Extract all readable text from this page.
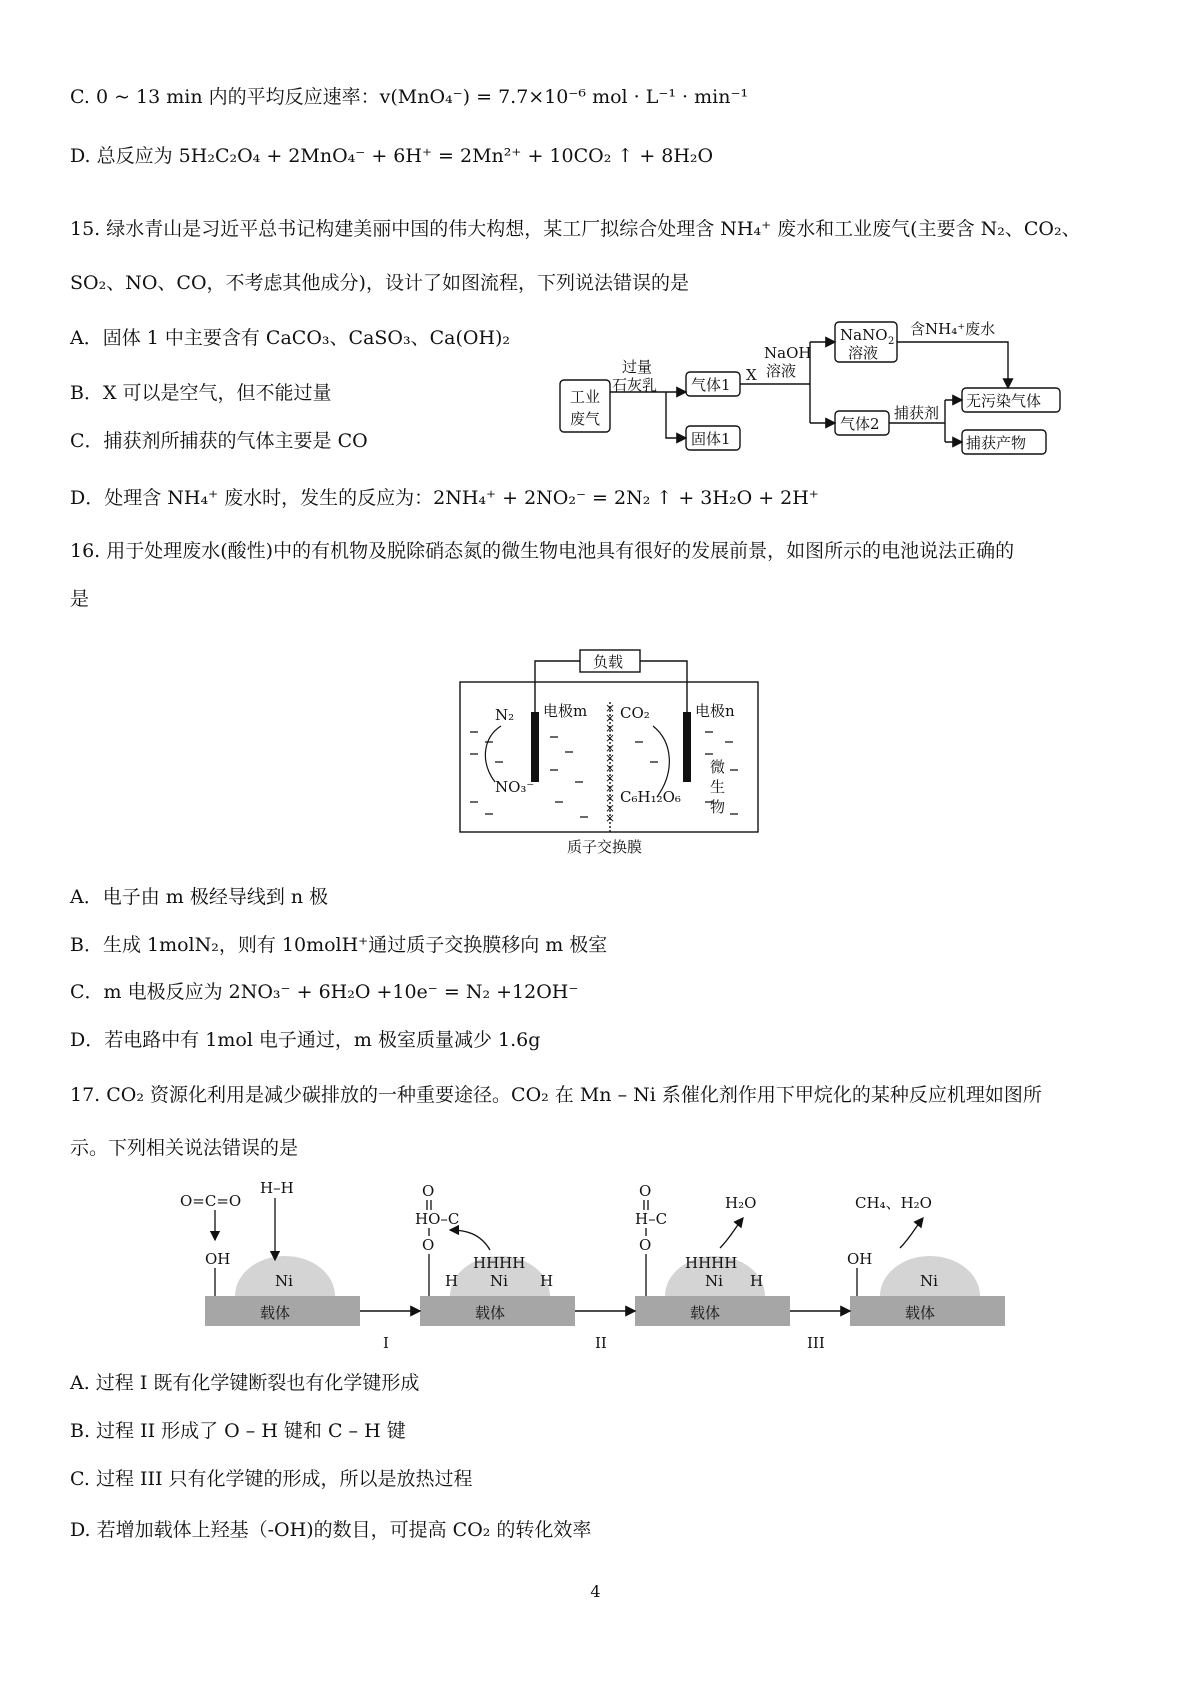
C. 0 ~ 13 min 内的平均反应速率：v(MnO₄⁻) = 7.7×10⁻⁶ mol · L⁻¹ · min⁻¹
D. 总反应为 5H₂C₂O₄ + 2MnO₄⁻ + 6H⁺ = 2Mn²⁺ + 10CO₂ ↑ + 8H₂O
15. 绿水青山是习近平总书记构建美丽中国的伟大构想，某工厂拟综合处理含 NH₄⁺ 废水和工业废气(主要含 N₂、CO₂、
SO₂、NO、CO，不考虑其他成分)，设计了如图流程，下列说法错误的是
A．固体 1 中主要含有 CaCO₃、CaSO₃、Ca(OH)₂
B．X 可以是空气，但不能过量
C．捕获剂所捕获的气体主要是 CO
D．处理含 NH₄⁺ 废水时，发生的反应为：2NH₄⁺ + 2NO₂⁻ = 2N₂ ↑ + 3H₂O + 2H⁺
工业
废气
过量
石灰乳 气体1
固体1
X
NaOH
溶液
NaNO 2
溶液
含NH₄⁺废水
气体2
捕获剂
无污染气体
捕获产物
16. 用于处理废水(酸性)中的有机物及脱除硝态氮的微生物电池具有很好的发展前景，如图所示的电池说法正确的
是
×
×
×
×
×
×
×
×
×
×
×
×
负载
电极m	电极n
N₂
NO₃⁻
CO₂
C₆H₁₂O₆
微
生
物
质子交换膜
A．电子由 m 极经导线到 n 极
B．生成 1molN₂，则有 10molH⁺通过质子交换膜移向 m 极室
C．m 电极反应为 2NO₃⁻ + 6H₂O +10e⁻ = N₂ +12OH⁻
D．若电路中有 1mol 电子通过，m 极室质量减少 1.6g
17. CO₂ 资源化利用是减少碳排放的一种重要途径。CO₂ 在 Mn – Ni 系催化剂作用下甲烷化的某种反应机理如图所
示。下列相关说法错误的是
载体	载体	载体	载体
Ni	Ni	Ni	Ni
I	II	III
O=C=O
H–H
OH
HO–C
O
O
HHHH
H	H
H–C
O
O
H₂O
HHHH
H
CH₄、H₂O
OH
A. 过程 I 既有化学键断裂也有化学键形成
B. 过程 II 形成了 O – H 键和 C – H 键
C. 过程 III 只有化学键的形成，所以是放热过程
D. 若增加载体上羟基（-OH)的数目，可提高 CO₂ 的转化效率
4
